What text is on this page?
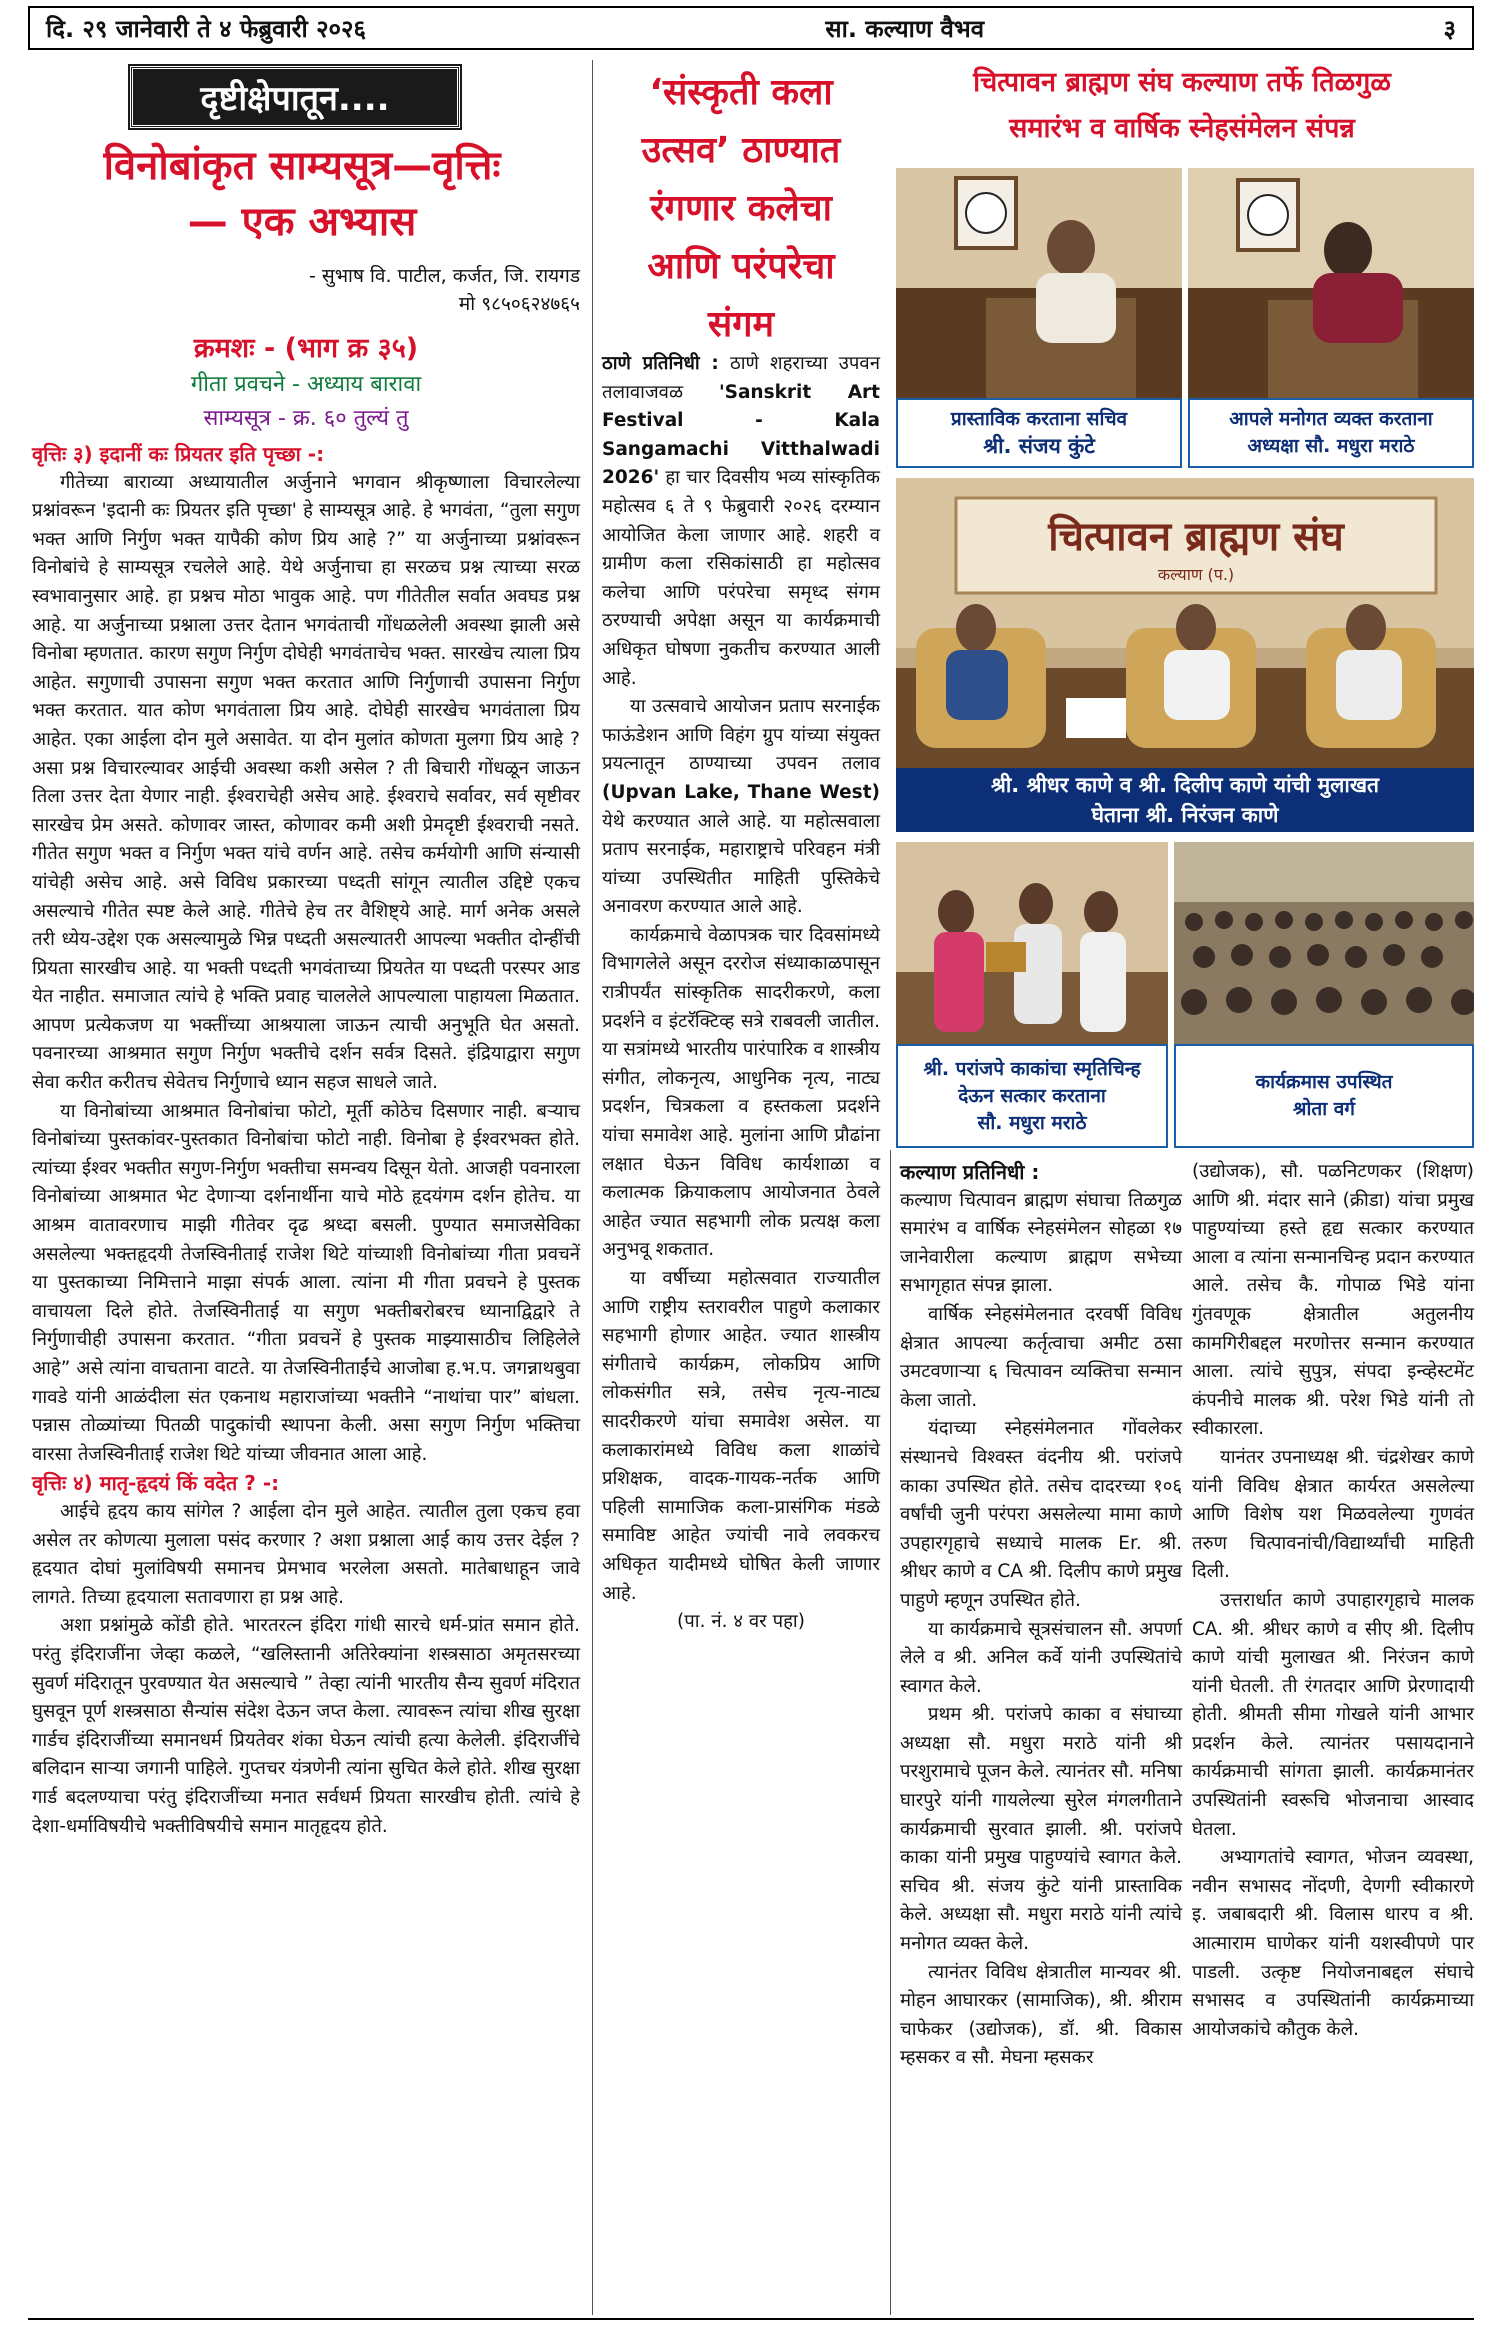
दि. २९ जानेवारी ते ४ फेब्रुवारी २०२६	सा. कल्याण वैभव	३
दृष्टीक्षेपातून....
विनोबांकृत साम्यसूत्र—वृत्तिः
— एक अभ्यास
- सुभाष वि. पाटील, कर्जत, जि. रायगड
मो ९८५०६२४७६५
क्रमशः - (भाग क्र ३५)
गीता प्रवचने - अध्याय बारावा
साम्यसूत्र - क्र. ६० तुल्यं तु
वृत्तिः ३) इदानीं कः प्रियतर इति पृच्छा -:

गीतेच्या बाराव्या अध्यायातील अर्जुनाने भगवान श्रीकृष्णाला विचारलेल्या प्रश्नांवरून 'इदानी कः प्रियतर इति पृच्छा' हे साम्यसूत्र आहे. हे भगवंता, “तुला सगुण भक्त आणि निर्गुण भक्त यापैकी कोण प्रिय आहे ?” या अर्जुनाच्या प्रश्नांवरून विनोबांचे हे साम्यसूत्र रचलेले आहे. येथे अर्जुनाचा हा सरळच प्रश्न त्याच्या सरळ स्वभावानुसार आहे. हा प्रश्नच मोठा भावुक आहे. पण गीतेतील सर्वात अवघड प्रश्न आहे. या अर्जुनाच्या प्रश्नाला उत्तर देतान भगवंताची गोंधळलेली अवस्था झाली असे विनोबा म्हणतात. कारण सगुण निर्गुण दोघेही भगवंताचेच भक्त. सारखेच त्याला प्रिय आहेत. सगुणाची उपासना सगुण भक्त करतात आणि निर्गुणाची उपासना निर्गुण भक्त करतात. यात कोण भगवंताला प्रिय आहे. दोघेही सारखेच भगवंताला प्रिय आहेत. एका आईला दोन मुले असावेत. या दोन मुलांत कोणता मुलगा प्रिय आहे ? असा प्रश्न विचारल्यावर आईची अवस्था कशी असेल ? ती बिचारी गोंधळून जाऊन तिला उत्तर देता येणार नाही. ईश्वराचेही असेच आहे. ईश्वराचे सर्वावर, सर्व सृष्टीवर सारखेच प्रेम असते. कोणावर जास्त, कोणावर कमी अशी प्रेमदृष्टी ईश्वराची नसते. गीतेत सगुण भक्त व निर्गुण भक्त यांचे वर्णन आहे. तसेच कर्मयोगी आणि संन्यासी यांचेही असेच आहे. असे विविध प्रकारच्या पध्दती सांगून त्यातील उद्दिष्टे एकच असल्याचे गीतेत स्पष्ट केले आहे. गीतेचे हेच तर वैशिष्ट्ये आहे. मार्ग अनेक असले तरी ध्येय-उद्देश एक असल्यामुळे भिन्न पध्दती असल्यातरी आपल्या भक्तीत दोन्हींची प्रियता सारखीच आहे. या भक्ती पध्दती भगवंताच्या प्रियतेत या पध्दती परस्पर आड येत नाहीत. समाजात त्यांचे हे भक्ति प्रवाह चाललेले आपल्याला पाहायला मिळतात. आपण प्रत्येकजण या भक्तींच्या आश्रयाला जाऊन त्याची अनुभूति घेत असतो. पवनारच्या आश्रमात सगुण निर्गुण भक्तीचे दर्शन सर्वत्र दिसते. इंद्रियाद्वारा सगुण सेवा करीत करीतच सेवेतच निर्गुणाचे ध्यान सहज साधले जाते.

या विनोबांच्या आश्रमात विनोबांचा फोटो, मूर्ती कोठेच दिसणार नाही. बऱ्याच विनोबांच्या पुस्तकांवर-पुस्तकात विनोबांचा फोटो नाही. विनोबा हे ईश्वरभक्त होते. त्यांच्या ईश्वर भक्तीत सगुण-निर्गुण भक्तीचा समन्वय दिसून येतो. आजही पवनारला विनोबांच्या आश्रमात भेट देणाऱ्या दर्शनार्थीना याचे मोठे हृदयंगम दर्शन होतेच. या आश्रम वातावरणाच माझी गीतेवर दृढ श्रध्दा बसली. पुण्यात समाजसेविका असलेल्या भक्तहृदयी तेजस्विनीताई राजेश थिटे यांच्याशी विनोबांच्या गीता प्रवचनें या पुस्तकाच्या निमित्ताने माझा संपर्क आला. त्यांना मी गीता प्रवचने हे पुस्तक वाचायला दिले होते. तेजस्विनीताई या सगुण भक्तीबरोबरच ध्यानाद्विद्वारे ते निर्गुणाचीही उपासना करतात. “गीता प्रवचनें हे पुस्तक माझ्यासाठीच लिहिलेले आहे” असे त्यांना वाचताना वाटते. या तेजस्विनीताईंचे आजोबा ह.भ.प. जगन्नाथबुवा गावडे यांनी आळंदीला संत एकनाथ महाराजांच्या भक्तीने “नाथांचा पार” बांधला. पन्नास तोळ्यांच्या पितळी पादुकांची स्थापना केली. असा सगुण निर्गुण भक्तिचा वारसा तेजस्विनीताई राजेश थिटे यांच्या जीवनात आला आहे.

वृत्तिः ४) मातृ-हृदयं किं वदेत ? -:

आईचे हृदय काय सांगेल ? आईला दोन मुले आहेत. त्यातील तुला एकच हवा असेल तर कोणत्या मुलाला पसंद करणार ? अशा प्रश्नाला आई काय उत्तर देईल ? हृदयात दोघां मुलांविषयी समानच प्रेमभाव भरलेला असतो. मातेबाधाहून जावे लागते. तिच्या हृदयाला सतावणारा हा प्रश्न आहे.

अशा प्रश्नांमुळे कोंडी होते. भारतरत्न इंदिरा गांधी सारचे धर्म-प्रांत समान होते. परंतु इंदिराजींना जेव्हा कळले, “खलिस्तानी अतिरेक्यांना शस्त्रसाठा अमृतसरच्या सुवर्ण मंदिरातून पुरवण्यात येत असल्याचे ” तेव्हा त्यांनी भारतीय सैन्य सुवर्ण मंदिरात घुसवून पूर्ण शस्त्रसाठा सैन्यांस संदेश देऊन जप्त केला. त्यावरून त्यांचा शीख सुरक्षा गार्डच इंदिराजींच्या समानधर्म प्रियतेवर शंका घेऊन त्यांची हत्या केलेली. इंदिराजींचे बलिदान साऱ्या जगानी पाहिले. गुप्तचर यंत्रणेनी त्यांना सुचित केले होते. शीख सुरक्षा गार्ड बदलण्याचा परंतु इंदिराजींच्या मनात सर्वधर्म प्रियता सारखीच होती. त्यांचे हे देशा-धर्माविषयीचे भक्तीविषयीचे समान मातृहृदय होते.

‘संस्कृती कला
उत्सव’ ठाण्यात
रंगणार कलेचा
आणि परंपरेचा
संगम

ठाणे प्रतिनिधी : ठाणे शहराच्या उपवन तलावाजवळ 'Sanskrit Art Festival - Kala Sangamachi Vitthalwadi 2026' हा चार दिवसीय भव्य सांस्कृतिक महोत्सव ६ ते ९ फेब्रुवारी २०२६ दरम्यान आयोजित केला जाणार आहे. शहरी व ग्रामीण कला रसिकांसाठी हा महोत्सव कलेचा आणि परंपरेचा समृध्द संगम ठरण्याची अपेक्षा असून या कार्यक्रमाची अधिकृत घोषणा नुकतीच करण्यात आली आहे.

या उत्सवाचे आयोजन प्रताप सरनाईक फाऊंडेशन आणि विहंग ग्रुप यांच्या संयुक्त प्रयत्नातून ठाण्याच्या उपवन तलाव (Upvan Lake, Thane West) येथे करण्यात आले आहे. या महोत्सवाला प्रताप सरनाईक, महाराष्ट्राचे परिवहन मंत्री यांच्या उपस्थितीत माहिती पुस्तिकेचे अनावरण करण्यात आले आहे.

कार्यक्रमाचे वेळापत्रक चार दिवसांमध्ये विभागलेले असून दररोज संध्याकाळपासून रात्रीपर्यंत सांस्कृतिक सादरीकरणे, कला प्रदर्शने व इंटरॅक्टिव्ह सत्रे राबवली जातील. या सत्रांमध्ये भारतीय पारंपारिक व शास्त्रीय संगीत, लोकनृत्य, आधुनिक नृत्य, नाट्य प्रदर्शन, चित्रकला व हस्तकला प्रदर्शने यांचा समावेश आहे. मुलांना आणि प्रौढांना लक्षात घेऊन विविध कार्यशाळा व कलात्मक क्रियाकलाप आयोजनात ठेवले आहेत ज्यात सहभागी लोक प्रत्यक्ष कला अनुभवू शकतात.

या वर्षीच्या महोत्सवात राज्यातील आणि राष्ट्रीय स्तरावरील पाहुणे कलाकार सहभागी होणार आहेत. ज्यात शास्त्रीय संगीताचे कार्यक्रम, लोकप्रिय आणि लोकसंगीत सत्रे, तसेच नृत्य-नाट्य सादरीकरणे यांचा समावेश असेल. या कलाकारांमध्ये विविध कला शाळांचे प्रशिक्षक, वादक-गायक-नर्तक आणि पहिली सामाजिक कला-प्रासंगिक मंडळे समाविष्ट आहेत ज्यांची नावे लवकरच अधिकृत यादीमध्ये घोषित केली जाणार आहे.

(पा. नं. ४ वर पहा)
चित्पावन ब्राह्मण संघ कल्याण तर्फे तिळगुळ
समारंभ व वार्षिक स्नेहसंमेलन संपन्न
प्रास्ताविक करताना सचिव
श्री. संजय कुंटे
आपले मनोगत व्यक्त करताना
अध्यक्षा सौ. मधुरा मराठे
चित्पावन ब्राह्मण संघ
कल्याण (प.)
श्री. श्रीधर काणे व श्री. दिलीप काणे यांची मुलाखत
घेताना श्री. निरंजन काणे
श्री. परांजपे काकांचा स्मृतिचिन्ह
देऊन सत्कार करताना
सौ. मधुरा मराठे
कार्यक्रमास उपस्थित
श्रोता वर्ग
कल्याण प्रतिनिधी :

कल्याण चित्पावन ब्राह्मण संघाचा तिळगुळ समारंभ व वार्षिक स्नेहसंमेलन सोहळा १७ जानेवारीला कल्याण ब्राह्मण सभेच्या सभागृहात संपन्न झाला.

वार्षिक स्नेहसंमेलनात दरवर्षी विविध क्षेत्रात आपल्या कर्तृत्वाचा अमीट ठसा उमटवणाऱ्या ६ चित्पावन व्यक्तिचा सन्मान केला जातो.

यंदाच्या स्नेहसंमेलनात गोंवलेकर संस्थानचे विश्वस्त वंदनीय श्री. परांजपे काका उपस्थित होते. तसेच दादरच्या १०६ वर्षांची जुनी परंपरा असलेल्या मामा काणे उपहारगृहाचे सध्याचे मालक Er. श्री. श्रीधर काणे व CA श्री. दिलीप काणे प्रमुख पाहुणे म्हणून उपस्थित होते.

या कार्यक्रमाचे सूत्रसंचालन सौ. अपर्णा लेले व श्री. अनिल कर्वे यांनी उपस्थितांचे स्वागत केले.

प्रथम श्री. परांजपे काका व संघाच्या अध्यक्षा सौ. मधुरा मराठे यांनी श्री परशुरामाचे पूजन केले. त्यानंतर सौ. मनिषा घारपुरे यांनी गायलेल्या सुरेल मंगलगीताने कार्यक्रमाची सुरवात झाली. श्री. परांजपे काका यांनी प्रमुख पाहुण्यांचे स्वागत केले. सचिव श्री. संजय कुंटे यांनी प्रास्ताविक केले. अध्यक्षा सौ. मधुरा मराठे यांनी त्यांचे मनोगत व्यक्त केले.

त्यानंतर विविध क्षेत्रातील मान्यवर श्री. मोहन आघारकर (सामाजिक), श्री. श्रीराम चाफेकर (उद्योजक), डॉ. श्री. विकास म्हसकर व सौ. मेघना म्हसकर

(उद्योजक), सौ. पळनिटणकर (शिक्षण) आणि श्री. मंदार साने (क्रीडा) यांचा प्रमुख पाहुण्यांच्या हस्ते हृद्य सत्कार करण्यात आला व त्यांना सन्मानचिन्ह प्रदान करण्यात आले. तसेच कै. गोपाळ भिडे यांना गुंतवणूक क्षेत्रातील अतुलनीय कामगिरीबद्दल मरणोत्तर सन्मान करण्यात आला. त्यांचे सुपुत्र, संपदा इन्व्हेस्टमेंट कंपनीचे मालक श्री. परेश भिडे यांनी तो स्वीकारला.

यानंतर उपनाध्यक्ष श्री. चंद्रशेखर काणे यांनी विविध क्षेत्रात कार्यरत असलेल्या आणि विशेष यश मिळवलेल्या गुणवंत तरुण चित्पावनांची/विद्यार्थ्यांची माहिती दिली.

उत्तरार्धात काणे उपाहारगृहाचे मालक CA. श्री. श्रीधर काणे व सीए श्री. दिलीप काणे यांची मुलाखत श्री. निरंजन काणे यांनी घेतली. ती रंगतदार आणि प्रेरणादायी होती. श्रीमती सीमा गोखले यांनी आभार प्रदर्शन केले. त्यानंतर पसायदानाने कार्यक्रमाची सांगता झाली. कार्यक्रमानंतर उपस्थितांनी स्वरूचि भोजनाचा आस्वाद घेतला.

अभ्यागतांचे स्वागत, भोजन व्यवस्था, नवीन सभासद नोंदणी, देणगी स्वीकारणे इ. जबाबदारी श्री. विलास धारप व श्री. आत्माराम घाणेकर यांनी यशस्वीपणे पार पाडली. उत्कृष्ट नियोजनाबद्दल संघाचे सभासद व उपस्थितांनी कार्यक्रमाच्या आयोजकांचे कौतुक केले.
